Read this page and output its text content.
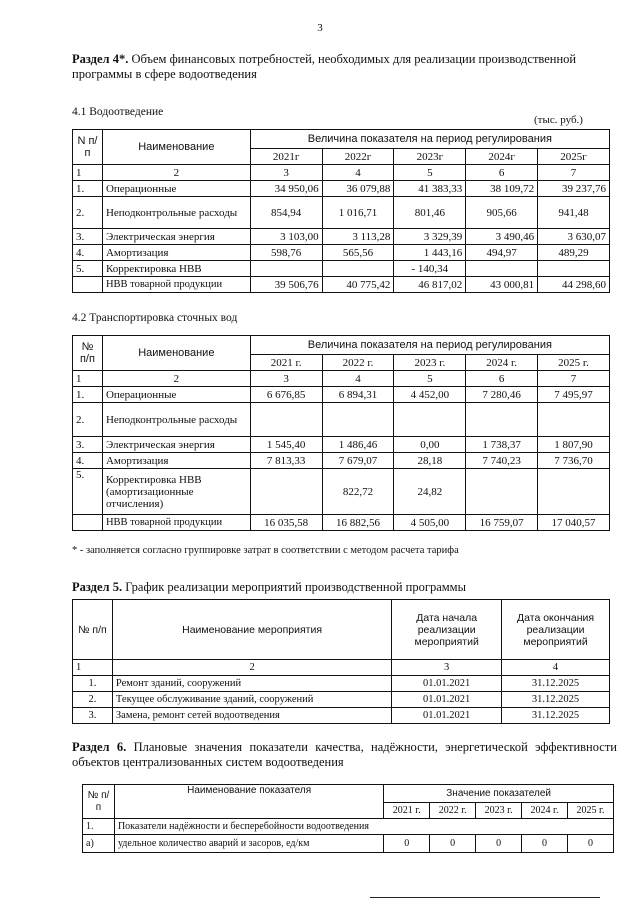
3
Раздел 4*. Объем финансовых потребностей, необходимых для реализации производственной программы в сфере водоотведения
4.1 Водоотведение
(тыс. руб.)
N п/п	Наименование	Величина показателя на период регулирования				
		2021г	2022г	2023г	2024г	2025г
1	2	3	4	5	6	7
1.	Операционные	34 950,06	36 079,88	41 383,33	38 109,72	39 237,76
2.	Неподконтрольные расходы	854,94	1 016,71	801,46	905,66	941,48
3.	Электрическая энергия	3 103,00	3 113,28	3 329,39	3 490,46	3 630,07
4.	Амортизация	598,76	565,56	1 443,16	494,97	489,29
5.	Корректировка НВВ			- 140,34		
	НВВ товарной продукции	39 506,76	40 775,42	46 817,02	43 000,81	44 298,60
4.2 Транспортировка сточных вод
№ п/п	Наименование	Величина показателя на период регулирования				
		2021 г.	2022 г.	2023 г.	2024 г.	2025 г.
1	2	3	4	5	6	7
1.	Операционные	6 676,85	6 894,31	4 452,00	7 280,46	7 495,97
2.	Неподконтрольные расходы					
3.	Электрическая энергия	1 545,40	1 486,46	0,00	1 738,37	1 807,90
4.	Амортизация	7 813,33	7 679,07	28,18	7 740,23	7 736,70
5.	Корректировка НВВ (амортизационные отчисления)		822,72	24,82		
	НВВ товарной продукции	16 035,58	16 882,56	4 505,00	16 759,07	17 040,57
* - заполняется согласно группировке затрат в соответствии с методом расчета тарифа
Раздел 5. График реализации мероприятий производственной программы
№ п/п	Наименование мероприятия	Дата начала реализации мероприятий	Дата окончания реализации мероприятий
1	2	3	4
1.	Ремонт зданий, сооружений	01.01.2021	31.12.2025
2.	Текущее обслуживание зданий, сооружений	01.01.2021	31.12.2025
3.	Замена, ремонт сетей водоотведения	01.01.2021	31.12.2025
Раздел 6. Плановые значения показатели качества, надёжности, энергетической эффективности объектов централизованных систем водоотведения
№ п/п	Наименование показателя	Значение показателей				
		2021 г.	2022 г.	2023 г.	2024 г.	2025 г.
1.	Показатели надёжности и бесперебойности водоотведения					
а)	удельное количество аварий и засоров, ед/км	0	0	0	0	0
